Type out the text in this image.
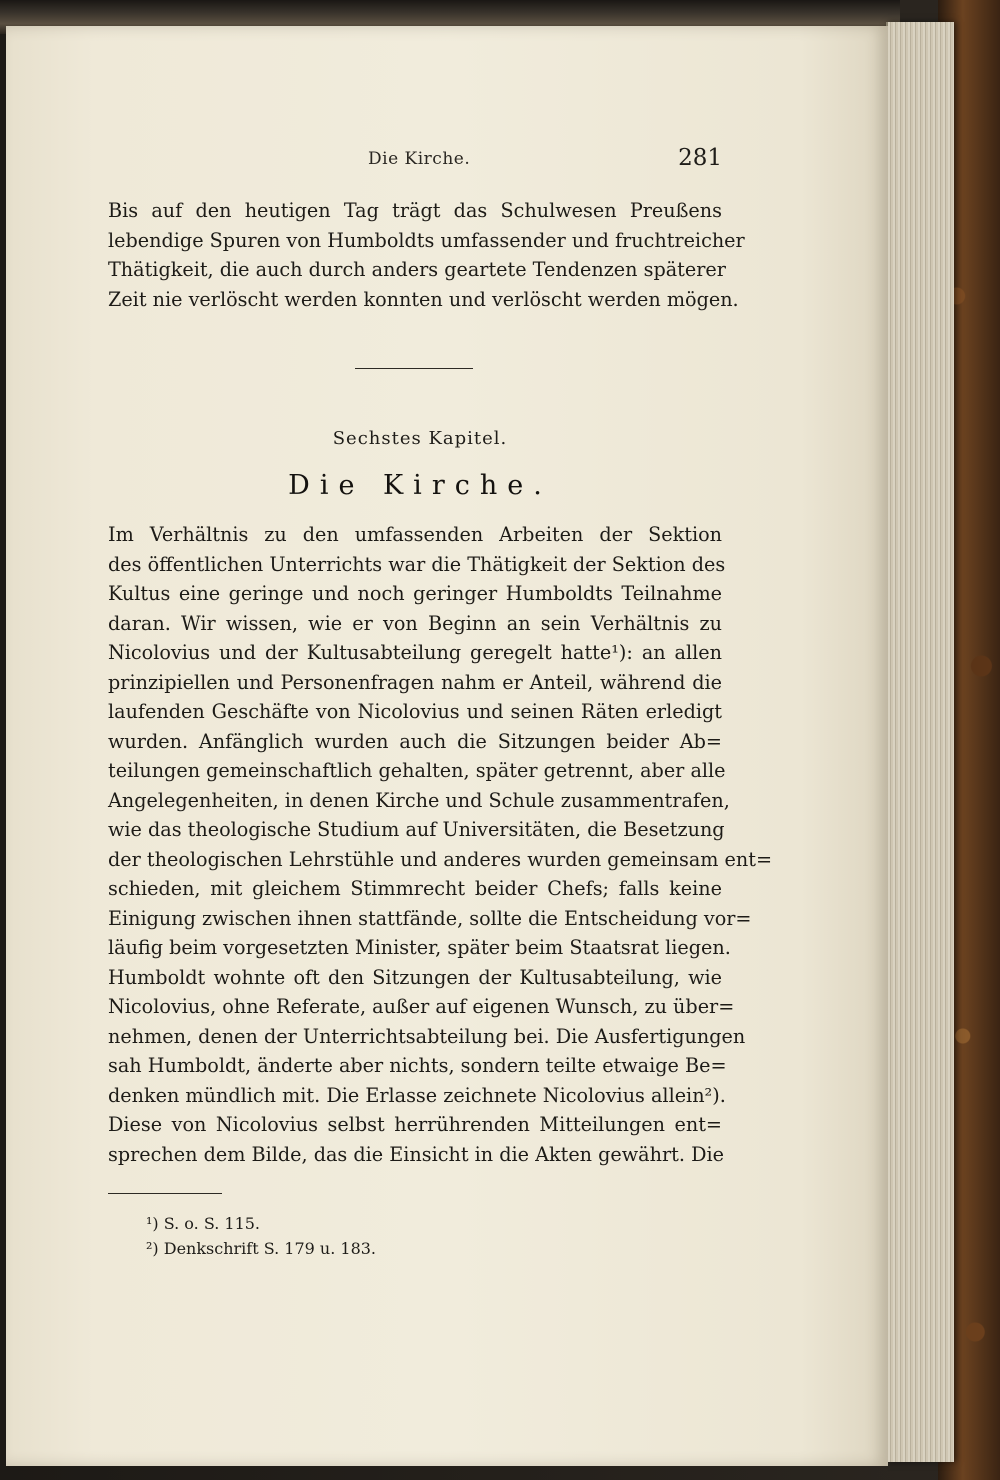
Die Kirche.	281
Bis auf den heutigen Tag trägt das Schulwesen Preußens
lebendige Spuren von Humboldts umfassender und fruchtreicher
Thätigkeit, die auch durch anders geartete Tendenzen späterer
Zeit nie verlöscht werden konnten und verlöscht werden mögen.
Sechstes Kapitel.
Die Kirche.
Im Verhältnis zu den umfassenden Arbeiten der Sektion
des öffentlichen Unterrichts war die Thätigkeit der Sektion des
Kultus eine geringe und noch geringer Humboldts Teilnahme
daran. Wir wissen, wie er von Beginn an sein Verhältnis zu
Nicolovius und der Kultusabteilung geregelt hatte¹): an allen
prinzipiellen und Personenfragen nahm er Anteil, während die
laufenden Geschäfte von Nicolovius und seinen Räten erledigt
wurden. Anfänglich wurden auch die Sitzungen beider Ab=
teilungen gemeinschaftlich gehalten, später getrennt, aber alle
Angelegenheiten, in denen Kirche und Schule zusammentrafen,
wie das theologische Studium auf Universitäten, die Besetzung
der theologischen Lehrstühle und anderes wurden gemeinsam ent=
schieden, mit gleichem Stimmrecht beider Chefs; falls keine
Einigung zwischen ihnen stattfände, sollte die Entscheidung vor=
läufig beim vorgesetzten Minister, später beim Staatsrat liegen.
Humboldt wohnte oft den Sitzungen der Kultusabteilung, wie
Nicolovius, ohne Referate, außer auf eigenen Wunsch, zu über=
nehmen, denen der Unterrichtsabteilung bei. Die Ausfertigungen
sah Humboldt, änderte aber nichts, sondern teilte etwaige Be=
denken mündlich mit. Die Erlasse zeichnete Nicolovius allein²).
Diese von Nicolovius selbst herrührenden Mitteilungen ent=
sprechen dem Bilde, das die Einsicht in die Akten gewährt. Die
¹) S. o. S. 115.
²) Denkschrift S. 179 u. 183.
